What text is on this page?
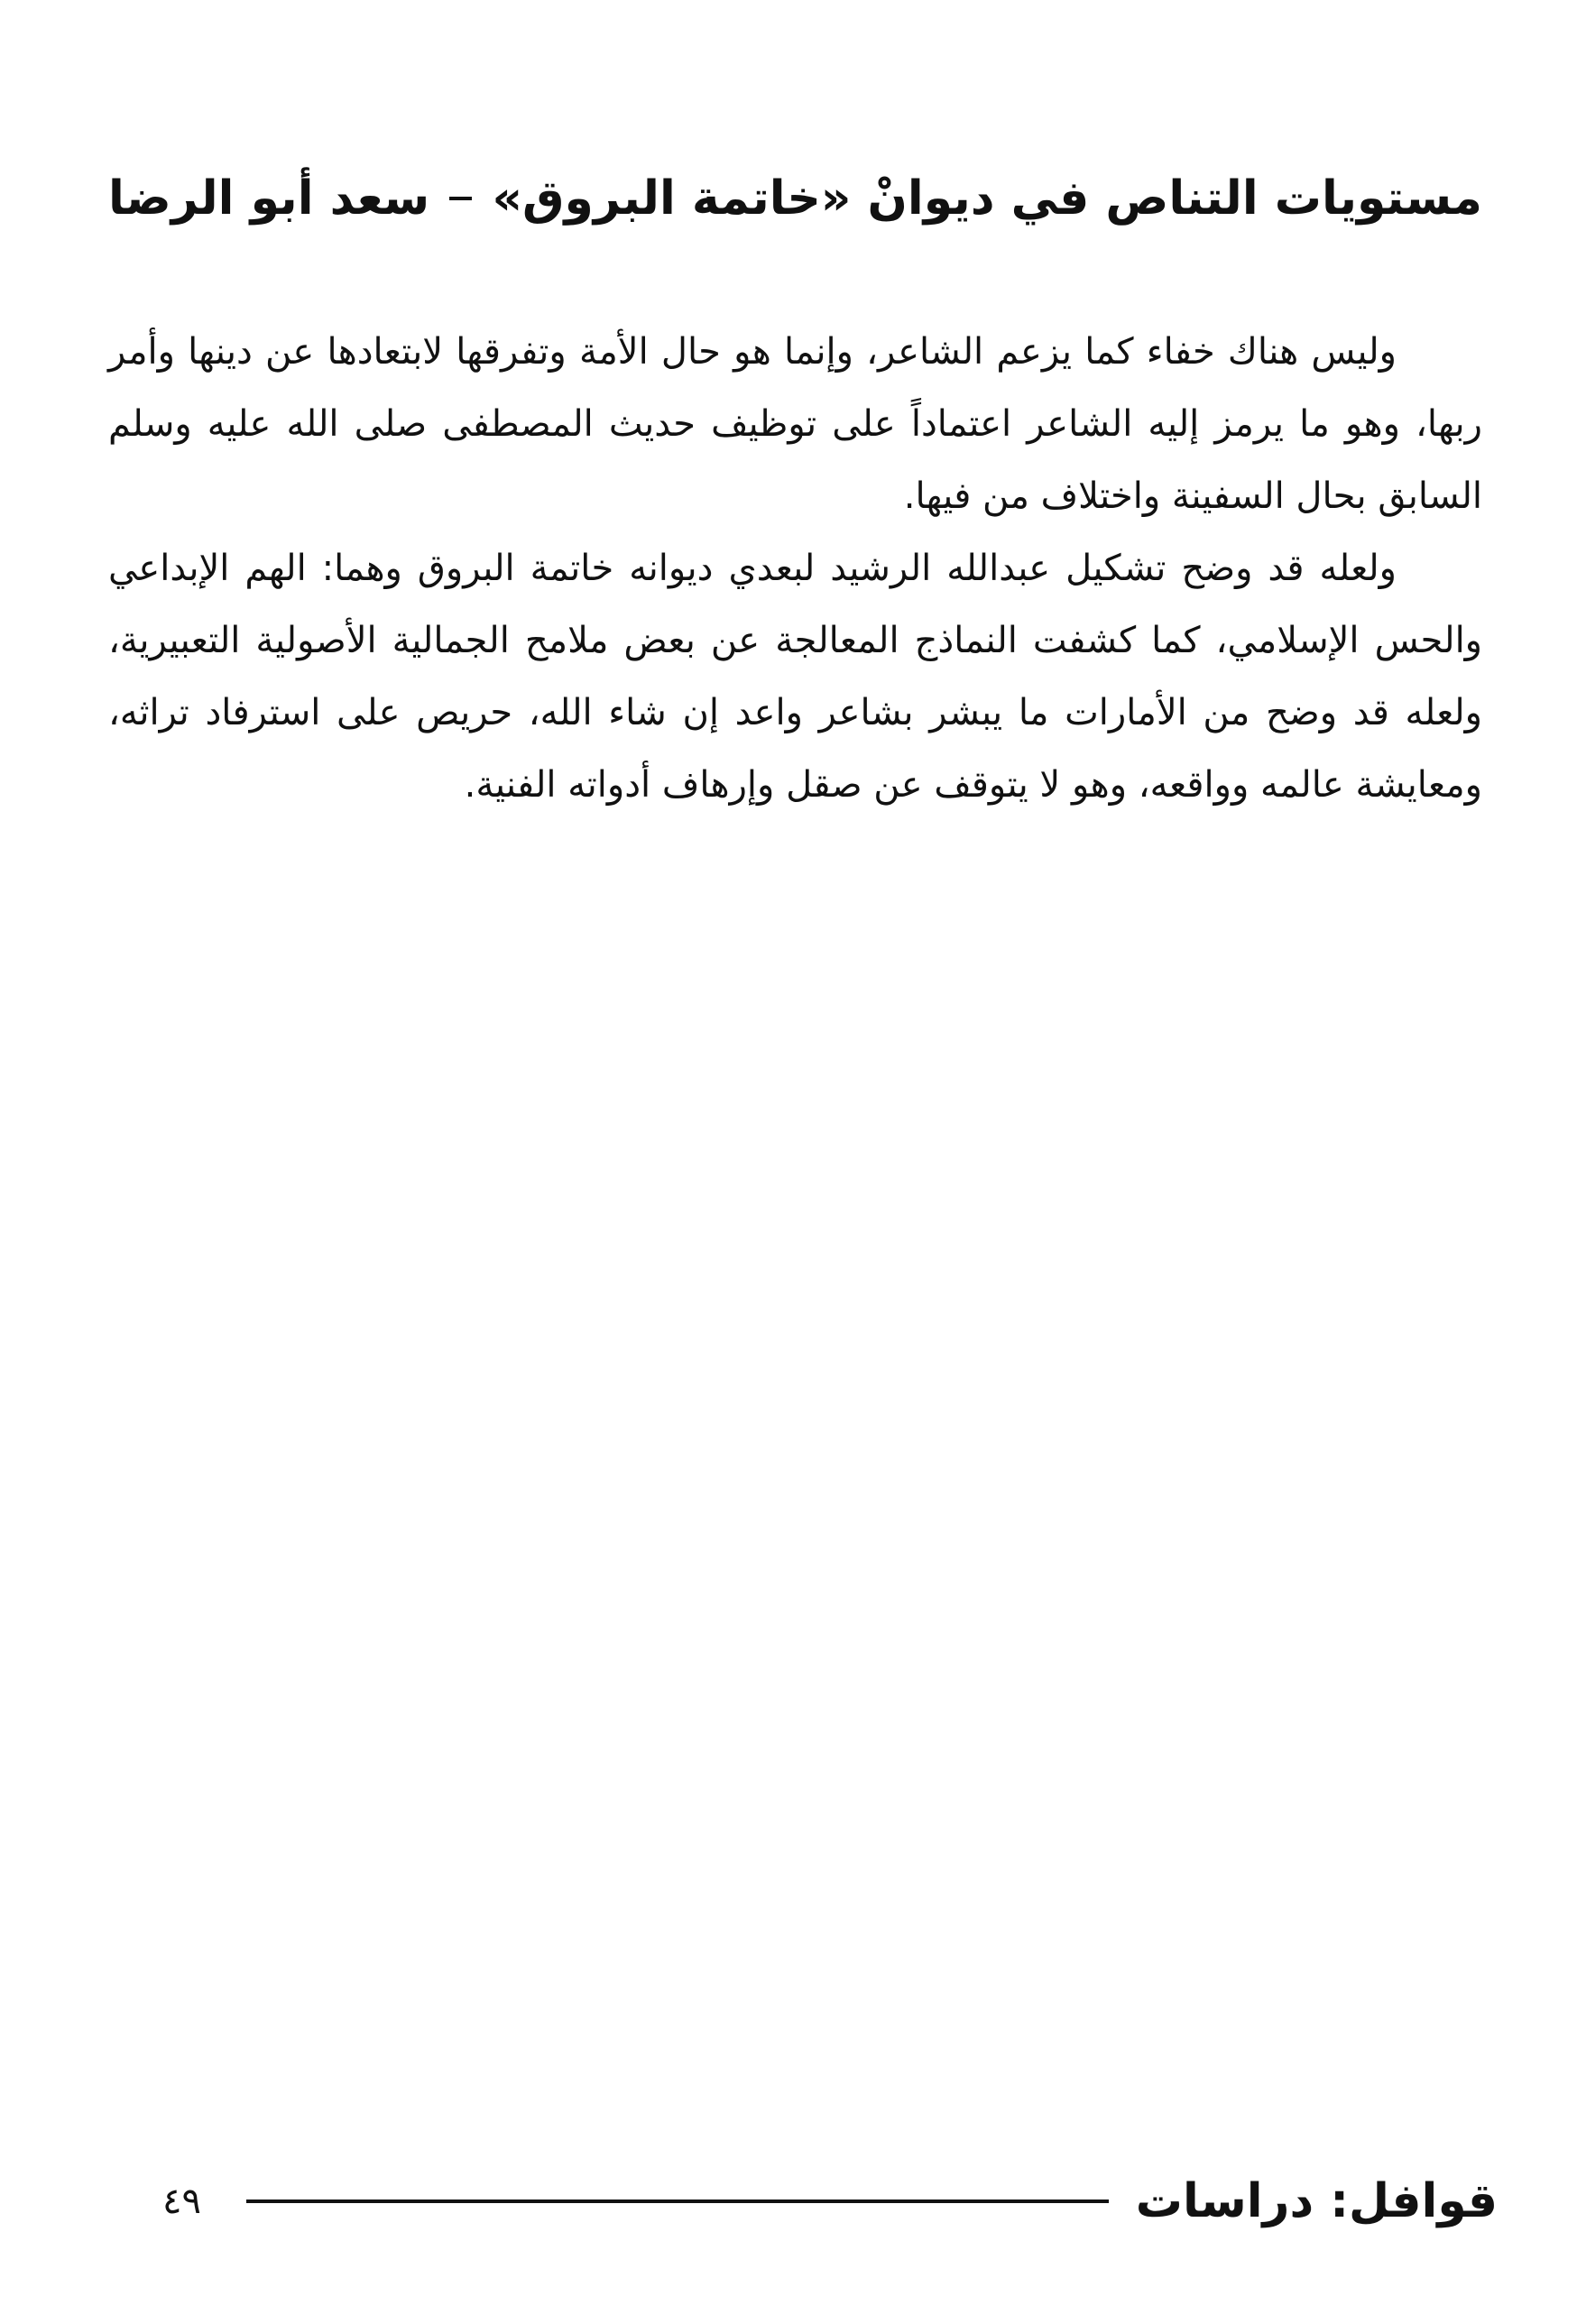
مستويات التناص في ديوانْ «خاتمة البروق»
سعد أبو الرضا

وليس هناك خفاء كما يزعم الشاعر، وإنما هو حال الأمة وتفرقها لابتعادها عن دينها وأمر ربها، وهو ما يرمز إليه الشاعر اعتماداً على توظيف حديث المصطفى صلى الله عليه وسلم السابق بحال السفينة واختلاف من فيها.

ولعله قد وضح تشكيل عبدالله الرشيد لبعدي ديوانه خاتمة البروق وهما: الهم الإبداعي والحس الإسلامي، كما كشفت النماذج المعالجة عن بعض ملامح الجمالية الأصولية التعبيرية، ولعله قد وضح من الأمارات ما يبشر بشاعر واعد إن شاء الله، حريص على استرفاد تراثه، ومعايشة عالمه وواقعه، وهو لا يتوقف عن صقل وإرهاف أدواته الفنية.

قوافل: دراسات
٤٩
